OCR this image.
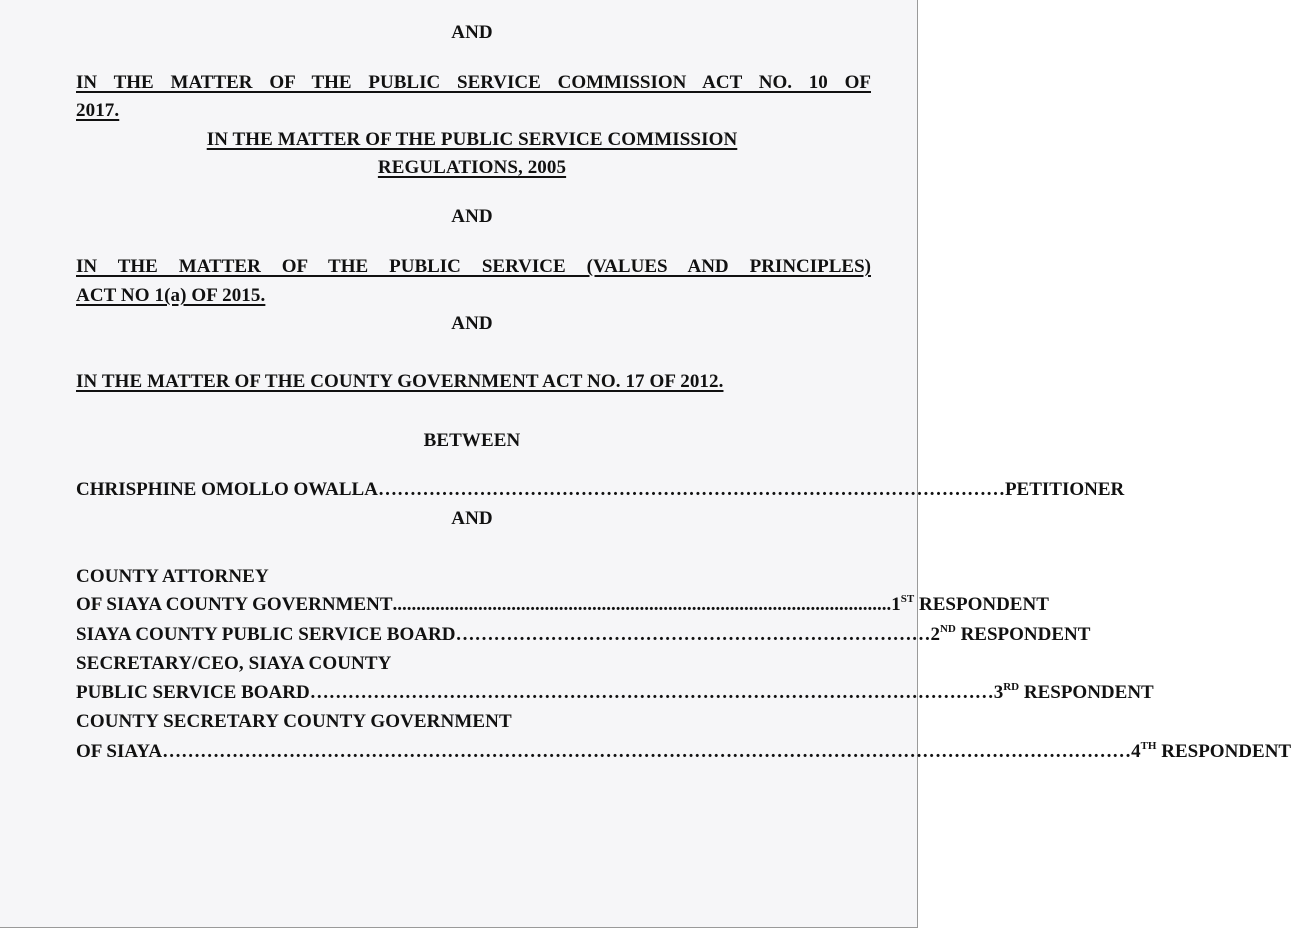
AND
IN THE MATTER OF THE PUBLIC SERVICE COMMISSION ACT NO. 10 OF
2017.
IN THE MATTER OF THE PUBLIC SERVICE COMMISSION
REGULATIONS, 2005
AND
IN THE MATTER OF THE PUBLIC SERVICE (VALUES AND PRINCIPLES)
ACT NO 1(a) OF 2015.
AND
IN THE MATTER OF THE COUNTY GOVERNMENT ACT NO. 17 OF 2012.
BETWEEN
CHRISPHINE OMOLLO OWALLA ……………………………………………………………………………………… PETITIONER
AND
COUNTY ATTORNEY
OF SIAYA COUNTY GOVERNMENT ......................................................................................................... 1ST RESPONDENT
SIAYA COUNTY PUBLIC SERVICE BOARD ………………………………………………………………… 2ND RESPONDENT
SECRETARY/CEO, SIAYA COUNTY
PUBLIC SERVICE BOARD ……………………………………………………………………………………………… 3RD RESPONDENT
COUNTY SECRETARY COUNTY GOVERNMENT
OF SIAYA ……………………………………………………………………………………………………………………………………… 4TH RESPONDENT
